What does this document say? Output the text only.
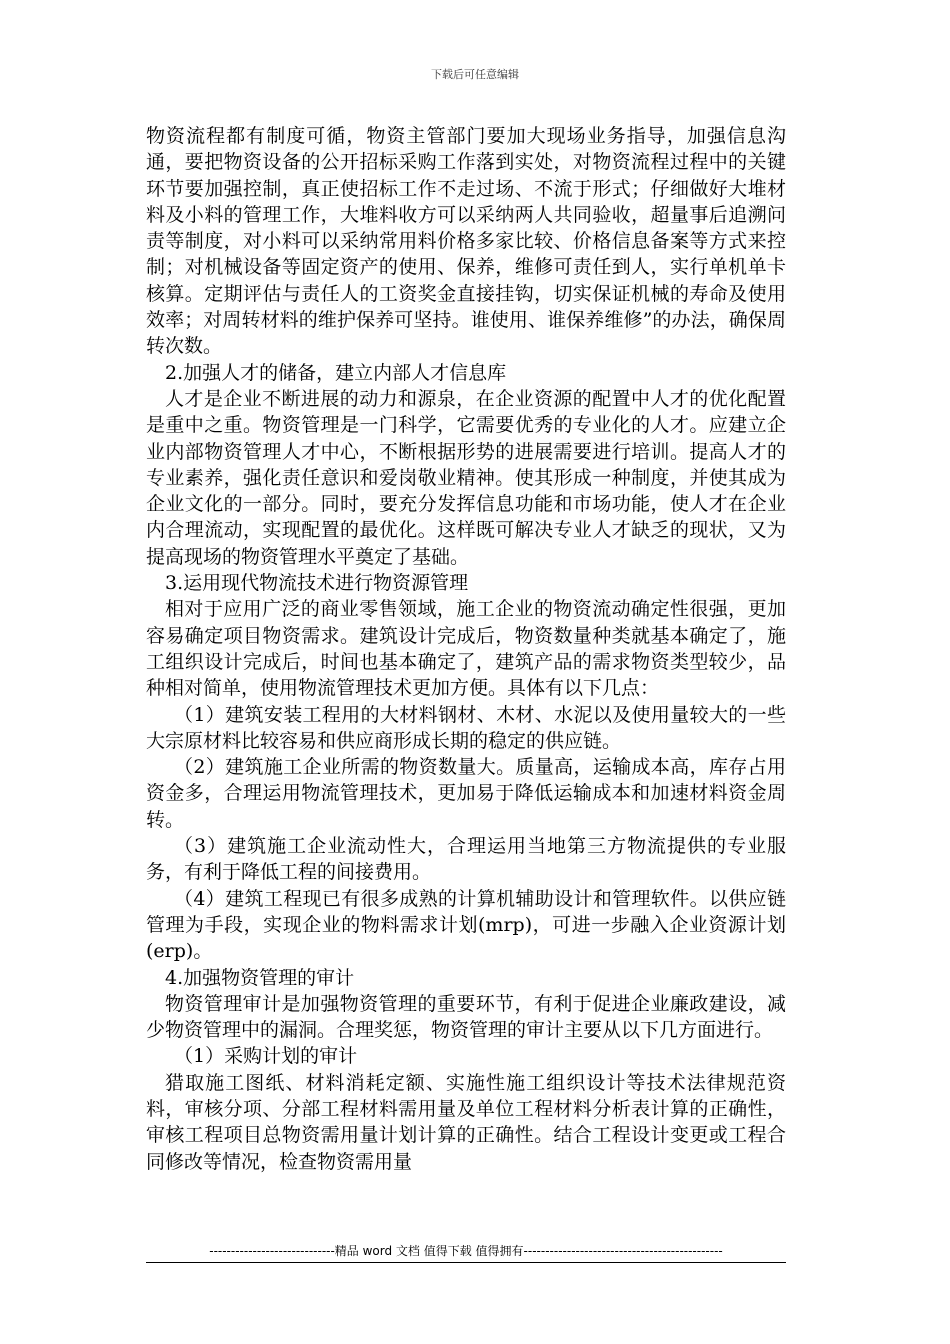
下载后可任意编辑

物资流程都有制度可循，物资主管部门要加大现场业务指导，加强信息沟通，要把物资设备的公开招标采购工作落到实处，对物资流程过程中的关键环节要加强控制，真正使招标工作不走过场、不流于形式；仔细做好大堆材料及小料的管理工作，大堆料收方可以采纳两人共同验收，超量事后追溯问责等制度，对小料可以采纳常用料价格多家比较、价格信息备案等方式来控制；对机械设备等固定资产的使用、保养，维修可责任到人，实行单机单卡核算。定期评估与责任人的工资奖金直接挂钩，切实保证机械的寿命及使用效率；对周转材料的维护保养可坚持。谁使用、谁保养维修”的办法，确保周转次数。

2.加强人才的储备，建立内部人才信息库

人才是企业不断进展的动力和源泉，在企业资源的配置中人才的优化配置是重中之重。物资管理是一门科学，它需要优秀的专业化的人才。应建立企业内部物资管理人才中心，不断根据形势的进展需要进行培训。提高人才的专业素养，强化责任意识和爱岗敬业精神。使其形成一种制度，并使其成为企业文化的一部分。同时，要充分发挥信息功能和市场功能，使人才在企业内合理流动，实现配置的最优化。这样既可解决专业人才缺乏的现状，又为提高现场的物资管理水平奠定了基础。

3.运用现代物流技术进行物资源管理

相对于应用广泛的商业零售领域，施工企业的物资流动确定性很强，更加容易确定项目物资需求。建筑设计完成后，物资数量种类就基本确定了，施工组织设计完成后，时间也基本确定了，建筑产品的需求物资类型较少，品种相对简单，使用物流管理技术更加方便。具体有以下几点：

（1）建筑安装工程用的大材料钢材、木材、水泥以及使用量较大的一些大宗原材料比较容易和供应商形成长期的稳定的供应链。

（2）建筑施工企业所需的物资数量大。质量高，运输成本高，库存占用资金多，合理运用物流管理技术，更加易于降低运输成本和加速材料资金周转。

（3）建筑施工企业流动性大，合理运用当地第三方物流提供的专业服务，有利于降低工程的间接费用。

（4）建筑工程现已有很多成熟的计算机辅助设计和管理软件。以供应链管理为手段，实现企业的物料需求计划(mrp)，可进一步融入企业资源计划(erp)。

4.加强物资管理的审计

物资管理审计是加强物资管理的重要环节，有利于促进企业廉政建设，减少物资管理中的漏洞。合理奖惩，物资管理的审计主要从以下几方面进行。

（1）采购计划的审计

猎取施工图纸、材料消耗定额、实施性施工组织设计等技术法律规范资料，审核分项、分部工程材料需用量及单位工程材料分析表计算的正确性，审核工程项目总物资需用量计划计算的正确性。结合工程设计变更或工程合同修改等情况，检查物资需用量

-----------------------------精品 word 文档 值得下载 值得拥有----------------------------------------------
